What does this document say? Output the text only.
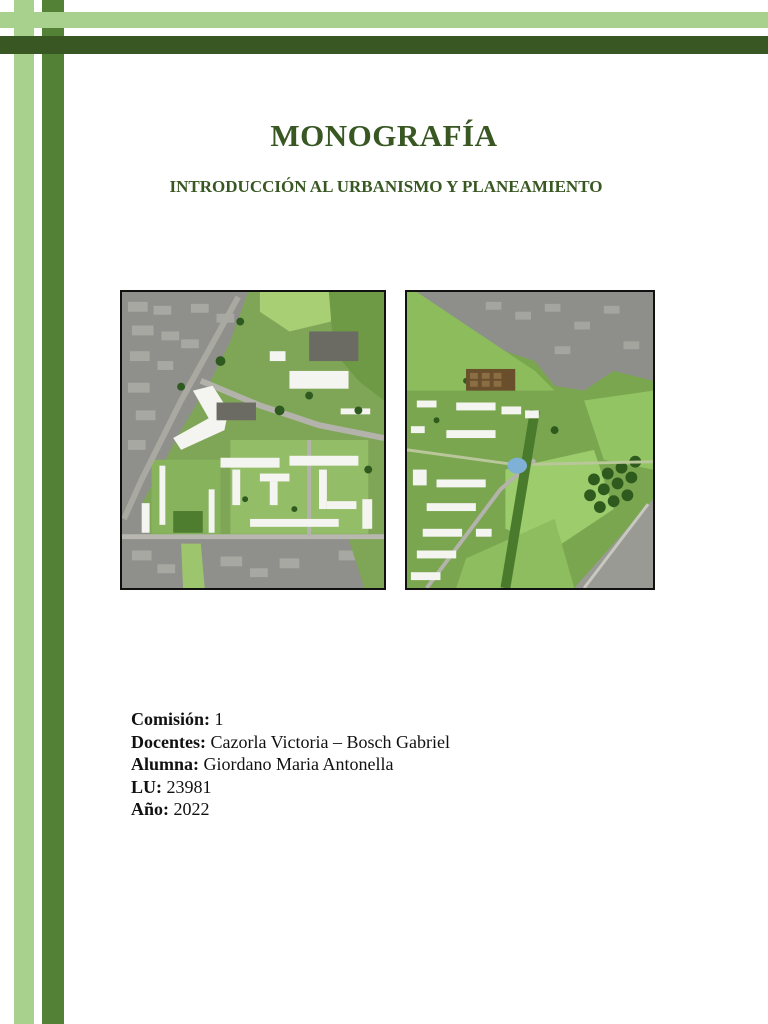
MONOGRAFÍA
INTRODUCCIÓN AL URBANISMO Y PLANEAMIENTO
Comisión: 1
Docentes: Cazorla Victoria – Bosch Gabriel
Alumna: Giordano Maria Antonella
LU: 23981
Año: 2022
